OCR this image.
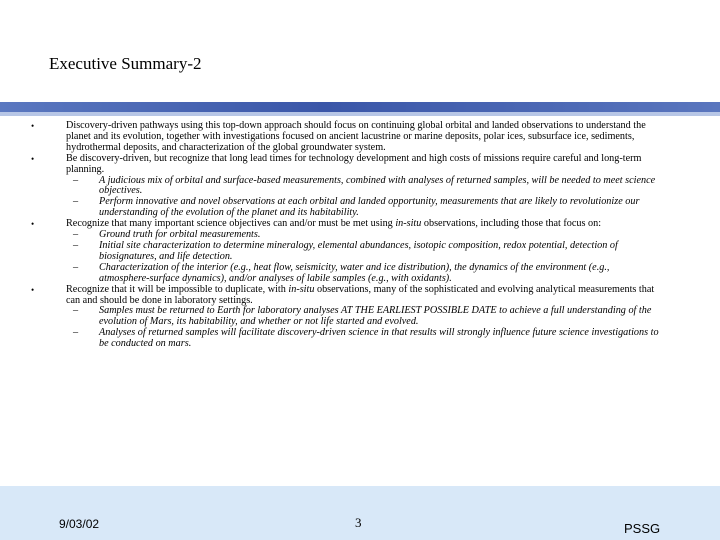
Executive Summary-2
•	Discovery-driven pathways using this top-down approach should focus on continuing global orbital and landed observations to understand the planet and its evolution, together with investigations focused on ancient lacustrine or marine deposits, polar ices, subsurface ice, sediments, hydrothermal deposits, and characterization of the global groundwater system.
•	Be discovery-driven, but recognize that long lead times for technology development and high costs of missions require careful and long-term planning.
– A judicious mix of orbital and surface-based measurements, combined with analyses of returned samples, will be needed to meet science objectives.
– Perform innovative and novel observations at each orbital and landed opportunity, measurements that are likely to revolutionize our understanding of the evolution of the planet and its habitability.
•	Recognize that many important science objectives can and/or must be met using in-situ observations, including those that focus on:
– Ground truth for orbital measurements.
– Initial site characterization to determine mineralogy, elemental abundances, isotopic composition, redox potential, detection of biosignatures, and life detection.
– Characterization of the interior (e.g., heat flow, seismicity, water and ice distribution), the dynamics of the environment (e.g., atmosphere-surface dynamics), and/or analyses of labile samples (e.g., with oxidants).
•	Recognize that it will be impossible to duplicate, with in-situ observations, many of the sophisticated and evolving analytical measurements that can and should be done in laboratory settings.
– Samples must be returned to Earth for laboratory analyses AT THE EARLIEST POSSIBLE DATE to achieve a full understanding of the evolution of Mars, its habitability, and whether or not life started and evolved.
– Analyses of returned samples will facilitate discovery-driven science in that results will strongly influence future science investigations to be conducted on mars.
9/03/02	3	PSSG
